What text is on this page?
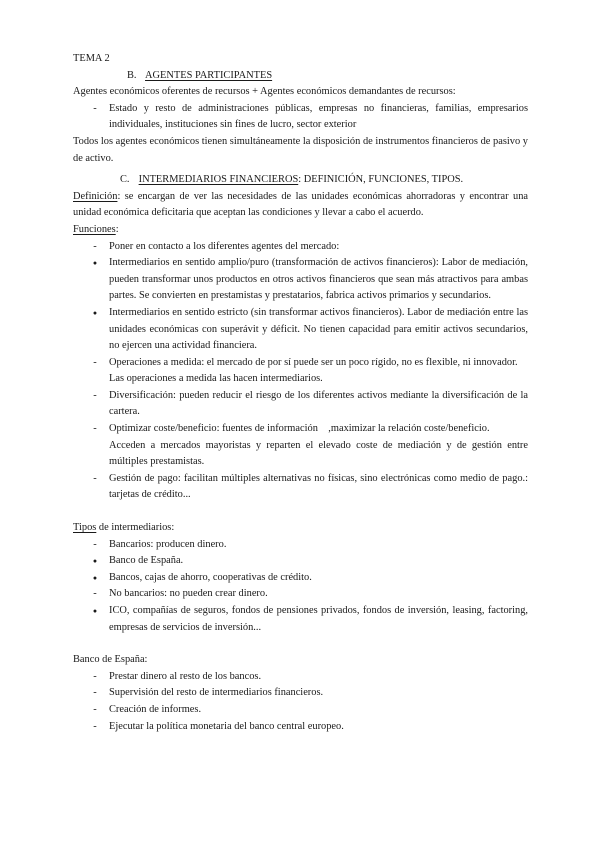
TEMA 2

B. AGENTES PARTICIPANTES

Agentes económicos oferentes de recursos + Agentes económicos demandantes de recursos:

-	Estado y resto de administraciones públicas, empresas no financieras, familias, empresarios individuales, instituciones sin fines de lucro, sector exterior

Todos los agentes económicos tienen simultáneamente la disposición de instrumentos financieros de pasivo y de activo.

C. INTERMEDIARIOS FINANCIEROS: DEFINICIÓN, FUNCIONES, TIPOS.

Definición: se encargan de ver las necesidades de las unidades económicas ahorradoras y encontrar una unidad económica deficitaria que aceptan las condiciones y llevar a cabo el acuerdo.

Funciones:

-	Poner en contacto a los diferentes agentes del mercado:
● Intermediarios en sentido amplio/puro (transformación de activos financieros): Labor de mediación, pueden transformar unos productos en otros activos financieros que sean más atractivos para ambas partes. Se convierten en prestamistas y prestatarios, fabrica activos primarios y secundarios.
● Intermediarios en sentido estricto (sin transformar activos financieros). Labor de mediación entre las unidades económicas con superávit y déficit. No tienen capacidad para emitir activos secundarios, no ejercen una actividad financiera.
-	Operaciones a medida: el mercado de por sí puede ser un poco rígido, no es flexible, ni innovador.
Las operaciones a medida las hacen intermediarios.
-	Diversificación: pueden reducir el riesgo de los diferentes activos mediante la diversificación de la cartera.
-	Optimizar coste/beneficio: fuentes de información    ,maximizar la relación coste/beneficio.
Acceden a mercados mayoristas y reparten el elevado coste de mediación y de gestión entre múltiples prestamistas.
-	Gestión de pago: facilitan múltiples alternativas no físicas, sino electrónicas como medio de pago.: tarjetas de crédito...

Tipos de intermediarios:

-	Bancarios: producen dinero.
● Banco de España.
● Bancos, cajas de ahorro, cooperativas de crédito.
-	No bancarios: no pueden crear dinero.
● ICO, compañías de seguros, fondos de pensiones privados, fondos de inversión, leasing, factoring, empresas de servicios de inversión...

Banco de España:

-	Prestar dinero al resto de los bancos.
-	Supervisión del resto de intermediarios financieros.
-	Creación de informes.
-	Ejecutar la política monetaria del banco central europeo.
